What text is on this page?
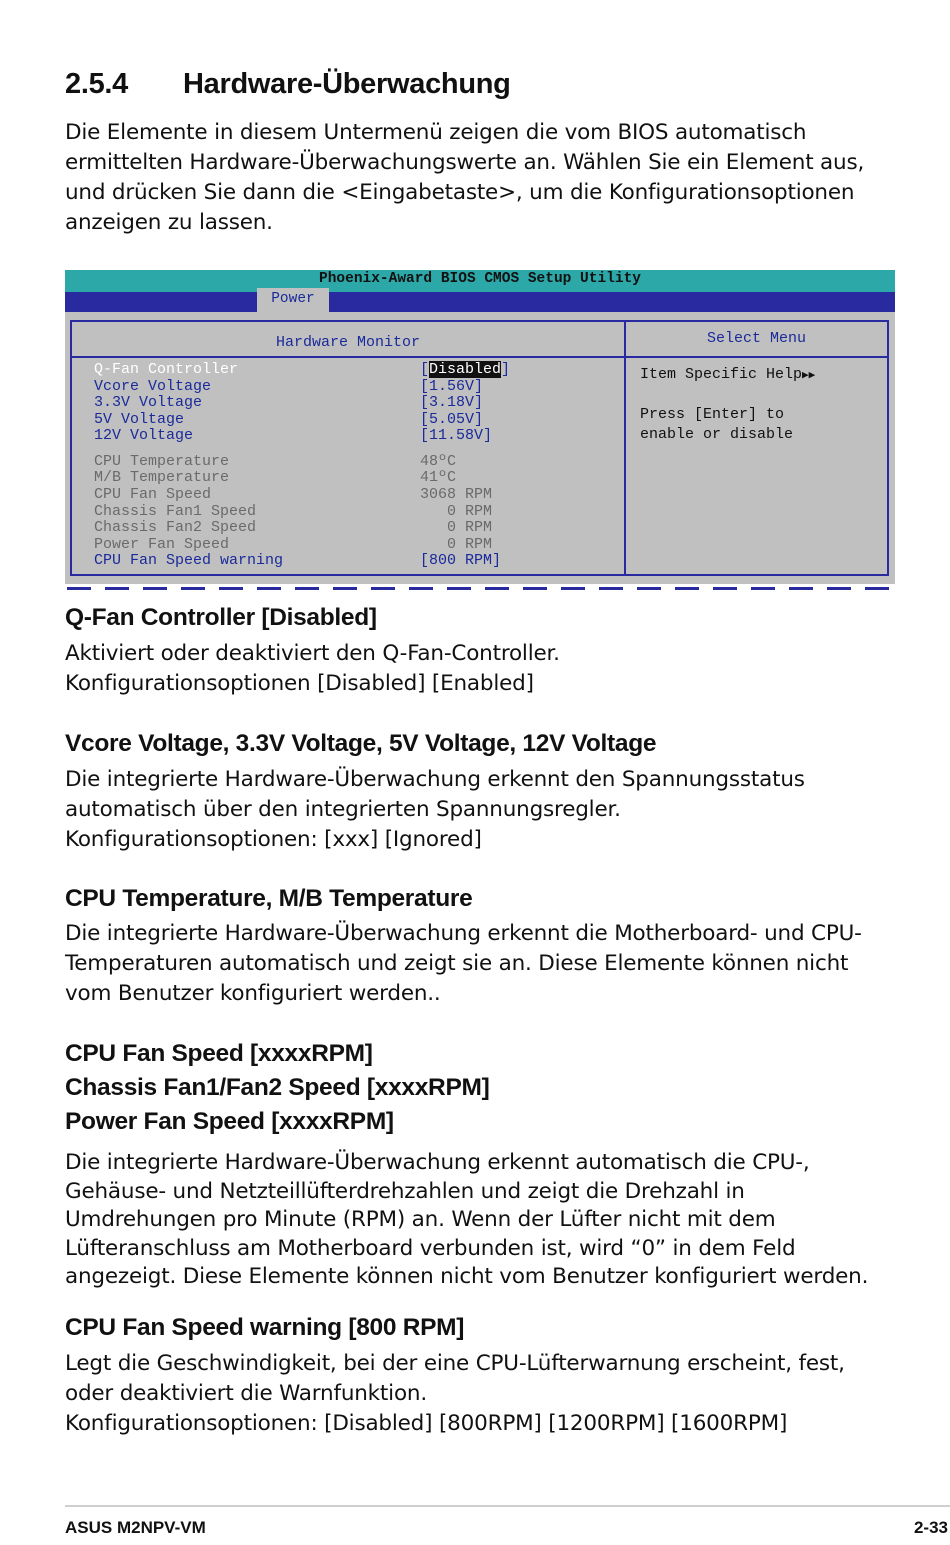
2.5.4 Hardware-Überwachung

Die Elemente in diesem Untermenü zeigen die vom BIOS automatisch ermittelten Hardware-Überwachungswerte an. Wählen Sie ein Element aus, und drücken Sie dann die <Eingabetaste>, um die Konfigurationsoptionen anzeigen zu lassen.

Phoenix-Award BIOS CMOS Setup Utility
Power
Hardware Monitor	Select Menu
Q-Fan Controller	[Disabled]
Vcore Voltage	[1.56V]
3.3V Voltage	[3.18V]
5V Voltage	[5.05V]
12V Voltage	[11.58V]
CPU Temperature	48ºC
M/B Temperature	41ºC
CPU Fan Speed	3068 RPM
Chassis Fan1 Speed	0 RPM
Chassis Fan2 Speed	0 RPM
Power Fan Speed	0 RPM
CPU Fan Speed warning	[800 RPM]
Item Specific Help▶▶
Press [Enter] to
enable or disable
Q-Fan Controller [Disabled]

Aktiviert oder deaktiviert den Q-Fan-Controller.

Konfigurationsoptionen [Disabled] [Enabled]

Vcore Voltage, 3.3V Voltage, 5V Voltage, 12V Voltage

Die integrierte Hardware-Überwachung erkennt den Spannungsstatus automatisch über den integrierten Spannungsregler.

Konfigurationsoptionen: [xxx] [Ignored]

CPU Temperature, M/B Temperature

Die integrierte Hardware-Überwachung erkennt die Motherboard- und CPU-Temperaturen automatisch und zeigt sie an. Diese Elemente können nicht vom Benutzer konfiguriert werden..

CPU Fan Speed [xxxxRPM]
Chassis Fan1/Fan2 Speed [xxxxRPM]
Power Fan Speed [xxxxRPM]

Die integrierte Hardware-Überwachung erkennt automatisch die CPU-, Gehäuse- und Netzteillüfterdrehzahlen und zeigt die Drehzahl in Umdrehungen pro Minute (RPM) an. Wenn der Lüfter nicht mit dem Lüfteranschluss am Motherboard verbunden ist, wird “0” in dem Feld angezeigt. Diese Elemente können nicht vom Benutzer konfiguriert werden.

CPU Fan Speed warning [800 RPM]

Legt die Geschwindigkeit, bei der eine CPU-Lüfterwarnung erscheint, fest, oder deaktiviert die Warnfunktion.

Konfigurationsoptionen: [Disabled] [800RPM] [1200RPM] [1600RPM]

ASUS M2NPV-VM	2-33
